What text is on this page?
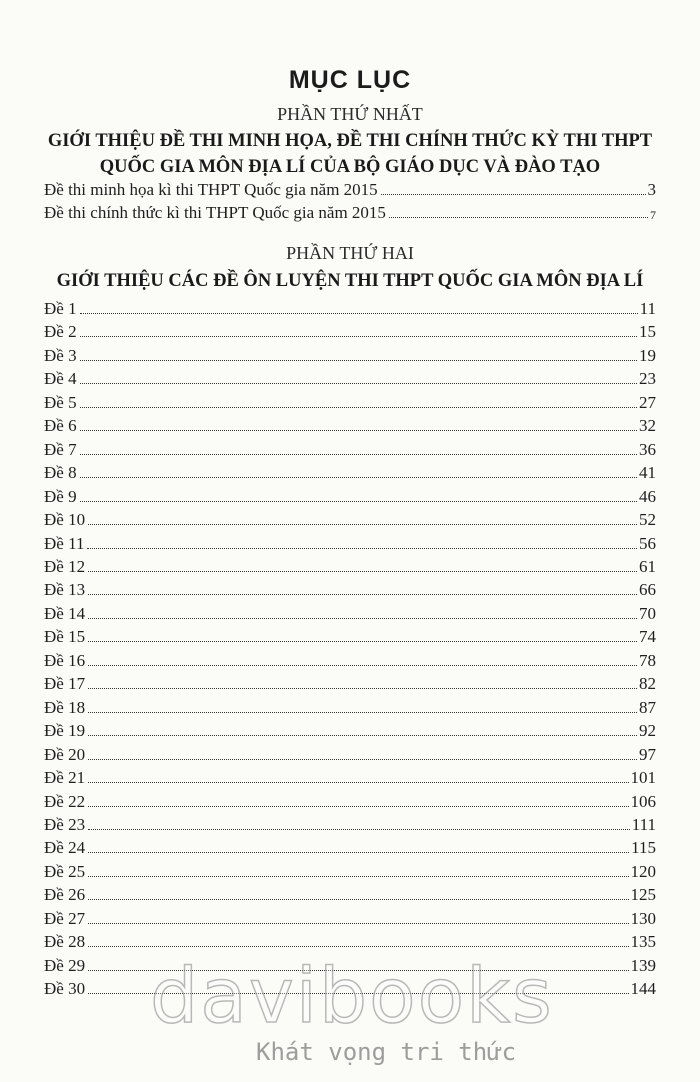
MỤC LỤC
PHẦN THỨ NHẤT
GIỚI THIỆU ĐỀ THI MINH HỌA, ĐỀ THI CHÍNH THỨC KỲ THI THPT QUỐC GIA MÔN ĐỊA LÍ CỦA BỘ GIÁO DỤC VÀ ĐÀO TẠO
Đề thi minh họa kì thi THPT Quốc gia năm 2015	3
Đề thi chính thức kì thi THPT Quốc gia năm 2015	7
PHẦN THỨ HAI
GIỚI THIỆU CÁC ĐỀ ÔN LUYỆN THI THPT QUỐC GIA MÔN ĐỊA LÍ
Đề 1	11
Đề 2	15
Đề 3	19
Đề 4	23
Đề 5	27
Đề 6	32
Đề 7	36
Đề 8	41
Đề 9	46
Đề 10	52
Đề 11	56
Đề 12	61
Đề 13	66
Đề 14	70
Đề 15	74
Đề 16	78
Đề 17	82
Đề 18	87
Đề 19	92
Đề 20	97
Đề 21	101
Đề 22	106
Đề 23	111
Đề 24	115
Đề 25	120
Đề 26	125
Đề 27	130
Đề 28	135
Đề 29	139
Đề 30	144
davibooks
Khát vọng tri thức
